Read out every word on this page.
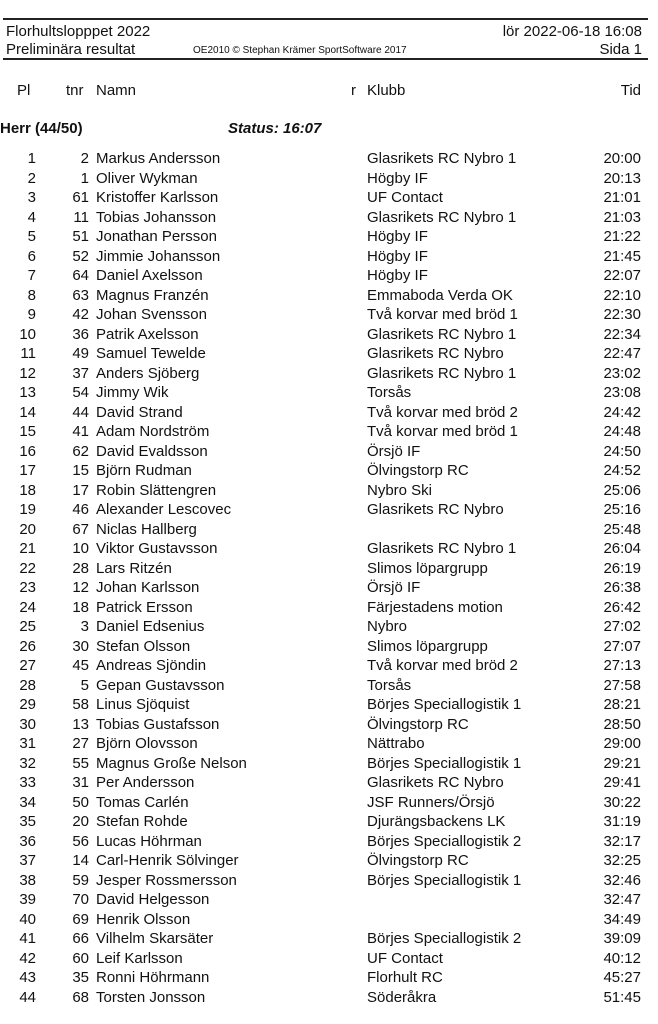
Florhultslopppet 2022
Preliminära resultat	OE2010 © Stephan Krämer SportSoftware 2017
lör 2022-06-18 16:08
Sida 1
Pl tnr Namn	r Klubb	Tid
Herr (44/50)	Status: 16:07
1	2 Markus Andersson	Glasrikets RC Nybro 1	20:00
2	1 Oliver Wykman	Högby IF	20:13
3	61 Kristoffer Karlsson	UF Contact	21:01
4	11 Tobias Johansson	Glasrikets RC Nybro 1	21:03
5	51 Jonathan Persson	Högby IF	21:22
6	52 Jimmie Johansson	Högby IF	21:45
7	64 Daniel Axelsson	Högby IF	22:07
8	63 Magnus Franzén	Emmaboda Verda OK	22:10
9	42 Johan Svensson	Två korvar med bröd 1	22:30
10	36 Patrik Axelsson	Glasrikets RC Nybro 1	22:34
11	49 Samuel Tewelde	Glasrikets RC Nybro	22:47
12	37 Anders Sjöberg	Glasrikets RC Nybro 1	23:02
13	54 Jimmy Wik	Torsås	23:08
14	44 David Strand	Två korvar med bröd 2	24:42
15	41 Adam Nordström	Två korvar med bröd 1	24:48
16	62 David Evaldsson	Örsjö IF	24:50
17	15 Björn Rudman	Ölvingstorp RC	24:52
18	17 Robin Slättengren	Nybro Ski	25:06
19	46 Alexander Lescovec	Glasrikets RC Nybro	25:16
20	67 Niclas Hallberg	25:48
21	10 Viktor Gustavsson	Glasrikets RC Nybro 1	26:04
22	28 Lars Ritzén	Slimos löpargrupp	26:19
23	12 Johan Karlsson	Örsjö IF	26:38
24	18 Patrick Ersson	Färjestadens motion	26:42
25	3 Daniel Edsenius	Nybro	27:02
26	30 Stefan Olsson	Slimos löpargrupp	27:07
27	45 Andreas Sjöndin	Två korvar med bröd 2	27:13
28	5 Gepan Gustavsson	Torsås	27:58
29	58 Linus Sjöquist	Börjes Speciallogistik 1	28:21
30	13 Tobias Gustafsson	Ölvingstorp RC	28:50
31	27 Björn Olovsson	Nättrabo	29:00
32	55 Magnus Große Nelson	Börjes Speciallogistik 1	29:21
33	31 Per Andersson	Glasrikets RC Nybro	29:41
34	50 Tomas Carlén	JSF Runners/Örsjö	30:22
35	20 Stefan Rohde	Djurängsbackens LK	31:19
36	56 Lucas Höhrman	Börjes Speciallogistik 2	32:17
37	14 Carl-Henrik Sölvinger	Ölvingstorp RC	32:25
38	59 Jesper Rossmersson	Börjes Speciallogistik 1	32:46
39	70 David Helgesson	32:47
40	69 Henrik Olsson	34:49
41	66 Vilhelm Skarsäter	Börjes Speciallogistik 2	39:09
42	60 Leif Karlsson	UF Contact	40:12
43	35 Ronni Höhrmann	Florhult RC	45:27
44	68 Torsten Jonsson	Söderåkra	51:45
